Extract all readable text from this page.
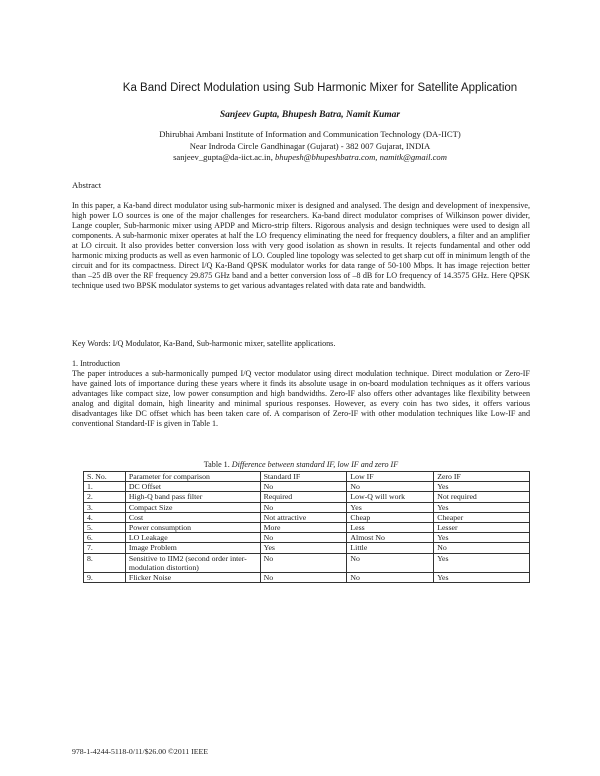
Ka Band Direct Modulation using Sub Harmonic Mixer for Satellite Application
Sanjeev Gupta, Bhupesh Batra, Namit Kumar
Dhirubhai Ambani Institute of Information and Communication Technology (DA-IICT)
Near Indroda Circle Gandhinagar (Gujarat) - 382 007 Gujarat, INDIA
sanjeev_gupta@da-iict.ac.in, bhupesh@bhupeshbatra.com, namitk@gmail.com
Abstract

In this paper, a Ka-band direct modulator using sub-harmonic mixer is designed and analysed. The design and development of inexpensive, high power LO sources is one of the major challenges for researchers. Ka-band direct modulator comprises of Wilkinson power divider, Lange coupler, Sub-harmonic mixer using APDP and Micro-strip filters. Rigorous analysis and design techniques were used to design all components. A sub-harmonic mixer operates at half the LO frequency eliminating the need for frequency doublers, a filter and an amplifier at LO circuit. It also provides better conversion loss with very good isolation as shown in results. It rejects fundamental and other odd harmonic mixing products as well as even harmonic of LO. Coupled line topology was selected to get sharp cut off in minimum length of the circuit and for its compactness. Direct I/Q Ka-Band QPSK modulator works for data range of 50-100 Mbps. It has image rejection better than –25 dB over the RF frequency 29.875 GHz band and a better conversion loss of –8 dB for LO frequency of 14.3575 GHz. Here QPSK technique used two BPSK modulator systems to get various advantages related with data rate and bandwidth.

Key Words: I/Q Modulator, Ka-Band, Sub-harmonic mixer, satellite applications.
1. Introduction

The paper introduces a sub-harmonically pumped I/Q vector modulator using direct modulation technique. Direct modulation or Zero-IF have gained lots of importance during these years where it finds its absolute usage in on-board modulation techniques as it offers various advantages like compact size, low power consumption and high bandwidths. Zero-IF also offers other advantages like flexibility between analog and digital domain, high linearity and minimal spurious responses. However, as every coin has two sides, it offers various disadvantages like DC offset which has been taken care of. A comparison of Zero-IF with other modulation techniques like Low-IF and conventional Standard-IF is given in Table 1.

Table 1. Difference between standard IF, low IF and zero IF
S. No.	Parameter for comparison	Standard IF	Low IF	Zero IF
1.	DC Offset	No	No	Yes
2.	High-Q band pass filter	Required	Low-Q will work	Not required
3.	Compact Size	No	Yes	Yes
4.	Cost	Not attractive	Cheap	Cheaper
5.	Power consumption	More	Less	Lesser
6.	LO Leakage	No	Almost No	Yes
7.	Image Problem	Yes	Little	No
8.	Sensitive to IIM2 (second order inter-modulation distortion)	No	No	Yes
9.	Flicker Noise	No	No	Yes
978-1-4244-5118-0/11/$26.00 ©2011 IEEE
